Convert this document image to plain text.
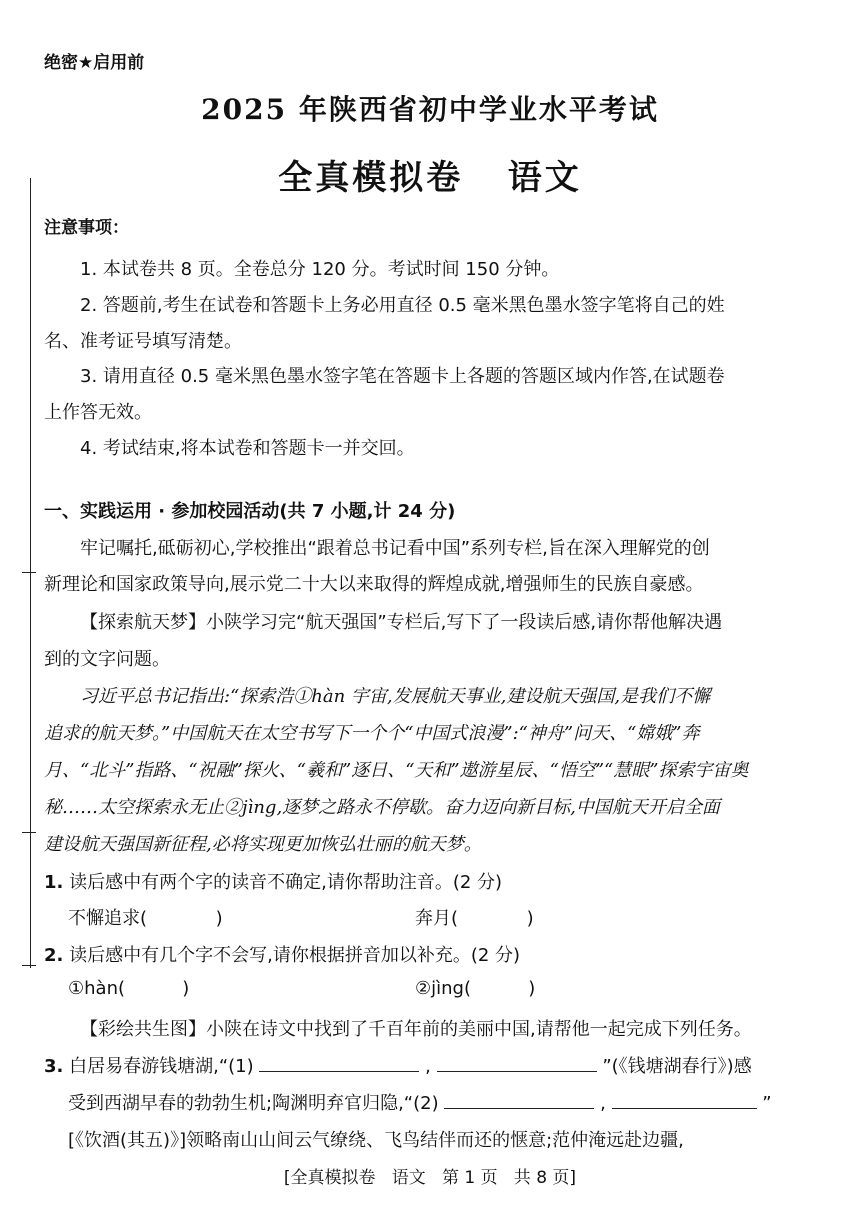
绝密★启用前
2025 年陕西省初中学业水平考试
全真模拟卷   语文
注意事项：
1. 本试卷共 8 页。全卷总分 120 分。考试时间 150 分钟。
2. 答题前,考生在试卷和答题卡上务必用直径 0.5 毫米黑色墨水签字笔将自己的姓
名、准考证号填写清楚。
3. 请用直径 0.5 毫米黑色墨水签字笔在答题卡上各题的答题区域内作答,在试题卷
上作答无效。
4. 考试结束,将本试卷和答题卡一并交回。
一、实践运用 · 参加校园活动(共 7 小题,计 24 分)
牢记嘱托,砥砺初心,学校推出“跟着总书记看中国”系列专栏,旨在深入理解党的创
新理论和国家政策导向,展示党二十大以来取得的辉煌成就,增强师生的民族自豪感。
【探索航天梦】小陕学习完“航天强国”专栏后,写下了一段读后感,请你帮他解决遇
到的文字问题。
习近平总书记指出:“探索浩①hàn 宇宙,发展航天事业,建设航天强国,是我们不懈
追求的航天梦。”中国航天在太空书写下一个个“中国式浪漫”:“神舟”问天、“嫦娥”奔
月、“北斗”指路、“祝融”探火、“羲和”逐日、“天和”遨游星辰、“悟空”“慧眼”探索宇宙奥
秘……太空探索永无止②jìng,逐梦之路永不停歇。奋力迈向新目标,中国航天开启全面
建设航天强国新征程,必将实现更加恢弘壮丽的航天梦。
1. 读后感中有两个字的读音不确定,请你帮助注音。(2 分)
不懈追求(            )	奔月(            )
2. 读后感中有几个字不会写,请你根据拼音加以补充。(2 分)
①hàn(          )	②jìng(          )
【彩绘共生图】小陕在诗文中找到了千百年前的美丽中国,请帮他一起完成下列任务。
3. 白居易春游钱塘湖,“(1)	,	”(《钱塘湖春行》)感
受到西湖早春的勃勃生机;陶渊明弃官归隐,“(2)	,	”
[《饮酒(其五)》]领略南山山间云气缭绕、飞鸟结伴而还的惬意;范仲淹远赴边疆,
[全真模拟卷   语文   第 1 页   共 8 页]
